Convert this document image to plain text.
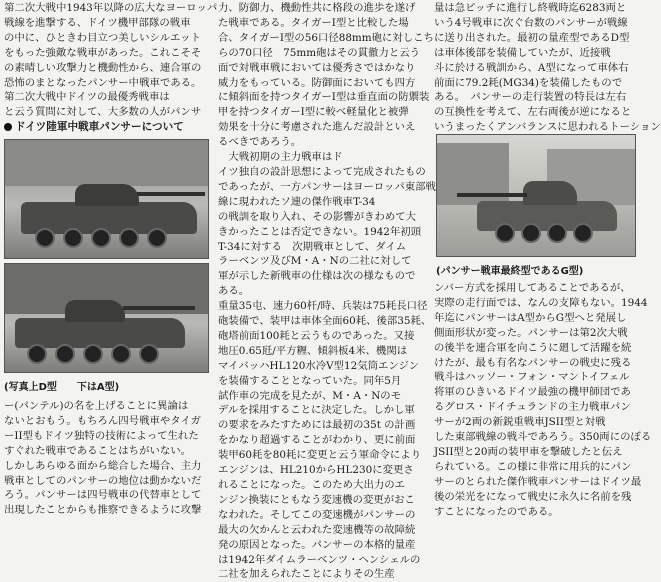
第二次大戦中1943年以降の広大なヨーロッパ
戦線を進撃する、ドイツ機甲部隊の戦車
の中に、ひときわ目立つ美しいシルエット
をもった強敵な戦車があった。これこそそ
の素晴しい攻撃力と機動性から、連合軍の
恐怖のまとなったパンサー中戦車である。
第二次大戦中ドイツの最優秀戦車は
と云う質問に対して、大多数の人がパンサ

ドイツ陸軍中戦車パンサーについて
(写真上D型　　下はA型)

ー(パンテル)の名を上げることに異論は
ないとおもう。もちろん四号戦車やタイガ
ーII型もドイツ独特の技術によって生れた
すぐれた戦車であることはちがいない。
しかしあらゆる面から総合した場合、主力
戦車としてのパンサーの地位は動かないだ
ろう。パンサーは四号戦車の代替車として
出現したことからも推察できるように攻撃

力、防御力、機動性共に格段の進歩を遂げ
た戦車である。タイガーI型と比較した場
合、タイガーI型の56口径88mm砲に対しこち
らの70口径　75mm砲はその貫徹力と云う
面で対戦車戦においては優秀さではかなり
威力をもっている。防御面においても四方
に傾斜面を持つタイガーI型は垂直面の防禦装
甲を持つタイガーI型に較べ軽量化と被弾
効果を十分に考慮された進んだ設計といえ
るべきであろう。
　大戦初期の主力戦車はド
イツ独自の設計思想によって完成されたもの
であったが、一方パンサーはヨーロッパ東部戦
線に現われたソ連の傑作戦車T-34
の戦訓を取り入れ、その影響がきわめて大
きかったことは否定できない。1942年初頭
T-34に対する　次期戦車として、ダイム
ラーベンツ及びM・A・Nの二社に対して
軍が示した新戦車の仕様は次の様なもので
ある。
重量35屯、速力60杆/時、兵装は75耗長口径
砲装備で、装甲は車体全面60耗、後部35耗、
砲塔前面100耗と云うものであった。又接
地圧0.65瓩/平方糎、傾斜板4米、機関は
マイバッハHL120水冷V型12気筒エンジン
を装備することとなっていた。同年5月
試作車の完成を見たが、M・A・Nのモ
デルを採用することに決定した。しかし軍
の要求をみたすためには最初の35t の計画
をかなり超過することがわかり、更に前面
装甲60耗を80耗に変更と云う軍命令により
エンジンは、HL210からHL230に変更さ
れることになった。このため大出力のエ
ンジン換装にともなう変速機の変更がおこ
なわれた。そしてこの変速機がパンサーの
最大の欠かんと云われた変速機等の故障続
発の原因となった。パンサーの本格的量産
は1942年ダイムラーベンツ・ヘンシェルの
二社を加えられたことによりその生産

量は急ピッチに進行し終戦時迄6283両と
いう4号戦車に次ぐ台数のパンサーが戦線
に送り出された。最初の量産型であるD型
は車体後部を装備していたが、近接戦
斗に於ける戦訓から、A型になって車体右
前面に79.2耗(MG34)を装備したもので
ある。　パンサーの走行装置の特長は左右
の互換性を考えて、左右両後が逆になると
いうまったくアンバランスに思われるトーション

(パンサー戦車最終型であるG型)

ンバー方式を採用してあることであるが、
実際の走行面では、なんの支障もない。1944
年迄にパンサーはA型からG型へと発展し
側面形状が変った。パンサーは第2次大戦
の後半を連合軍を向こうに廻して活躍を続
けたが、最も有名なパンサーの戦史に残る
戦斗はハッソー・フォン・マントイフェル
将軍のひきいるドイツ最強の機甲師団であ
るグロス・ドイチュランドの主力戦車パン
サーが2両の新鋭重戦車JSII型と対戦
した東部戦線の戦斗であろう。350両にのぼる
JSII型と20両の装甲車を撃破したと伝え
られている。この様に非常に用兵的にパン
サーのとられた傑作戦車パンサーはドイツ最
後の栄光をになって戦史に永久に名前を残
すことになったのである。
